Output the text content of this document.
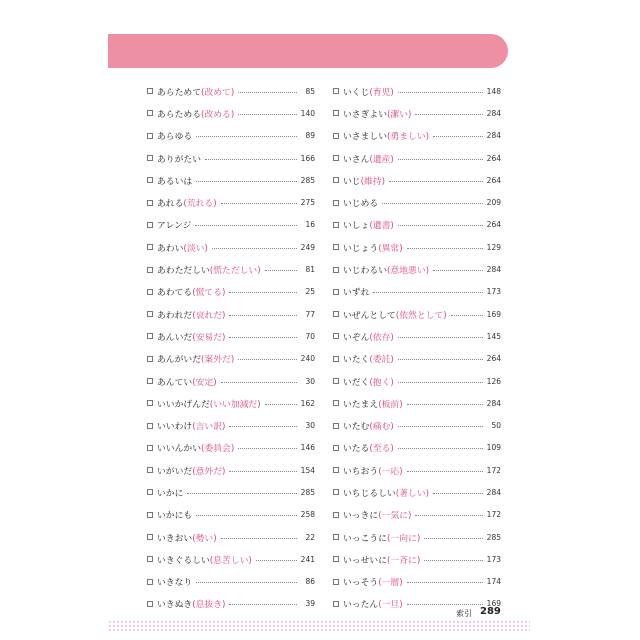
あらためて (改めて)	85
あらためる (改める)	140
あらゆる	89
ありがたい	166
あるいは	285
あれる (荒れる)	275
アレンジ	16
あわい (淡い)	249
あわただしい (慌ただしい)	81
あわてる (慌てる)	25
あわれだ (哀れだ)	77
あんいだ (安易だ)	70
あんがいだ (案外だ)	240
あんてい (安定)	30
いいかげんだ (いい加減だ)	162
いいわけ (言い訳)	30
いいんかい (委員会)	146
いがいだ (意外だ)	154
いかに	285
いかにも	258
いきおい (勢い)	22
いきぐるしい (息苦しい)	241
いきなり	86
いきぬき (息抜き)	39
いくじ (育児)	148
いさぎよい (潔い)	284
いさましい (勇ましい)	284
いさん (遺産)	264
いじ (維持)	264
いじめる	209
いしょ (遺書)	264
いじょう (異常)	129
いじわるい (意地悪い)	284
いずれ	173
いぜんとして (依然として)	169
いぞん (依存)	145
いたく (委託)	264
いだく (抱く)	126
いたまえ (板前)	284
いたむ (痛む)	50
いたる (至る)	109
いちおう (一応)	172
いちじるしい (著しい)	284
いっきに (一気に)	172
いっこうに (一向に)	285
いっせいに (一斉に)	173
いっそう (一層)	174
いったん (一旦)	169
索引 289
